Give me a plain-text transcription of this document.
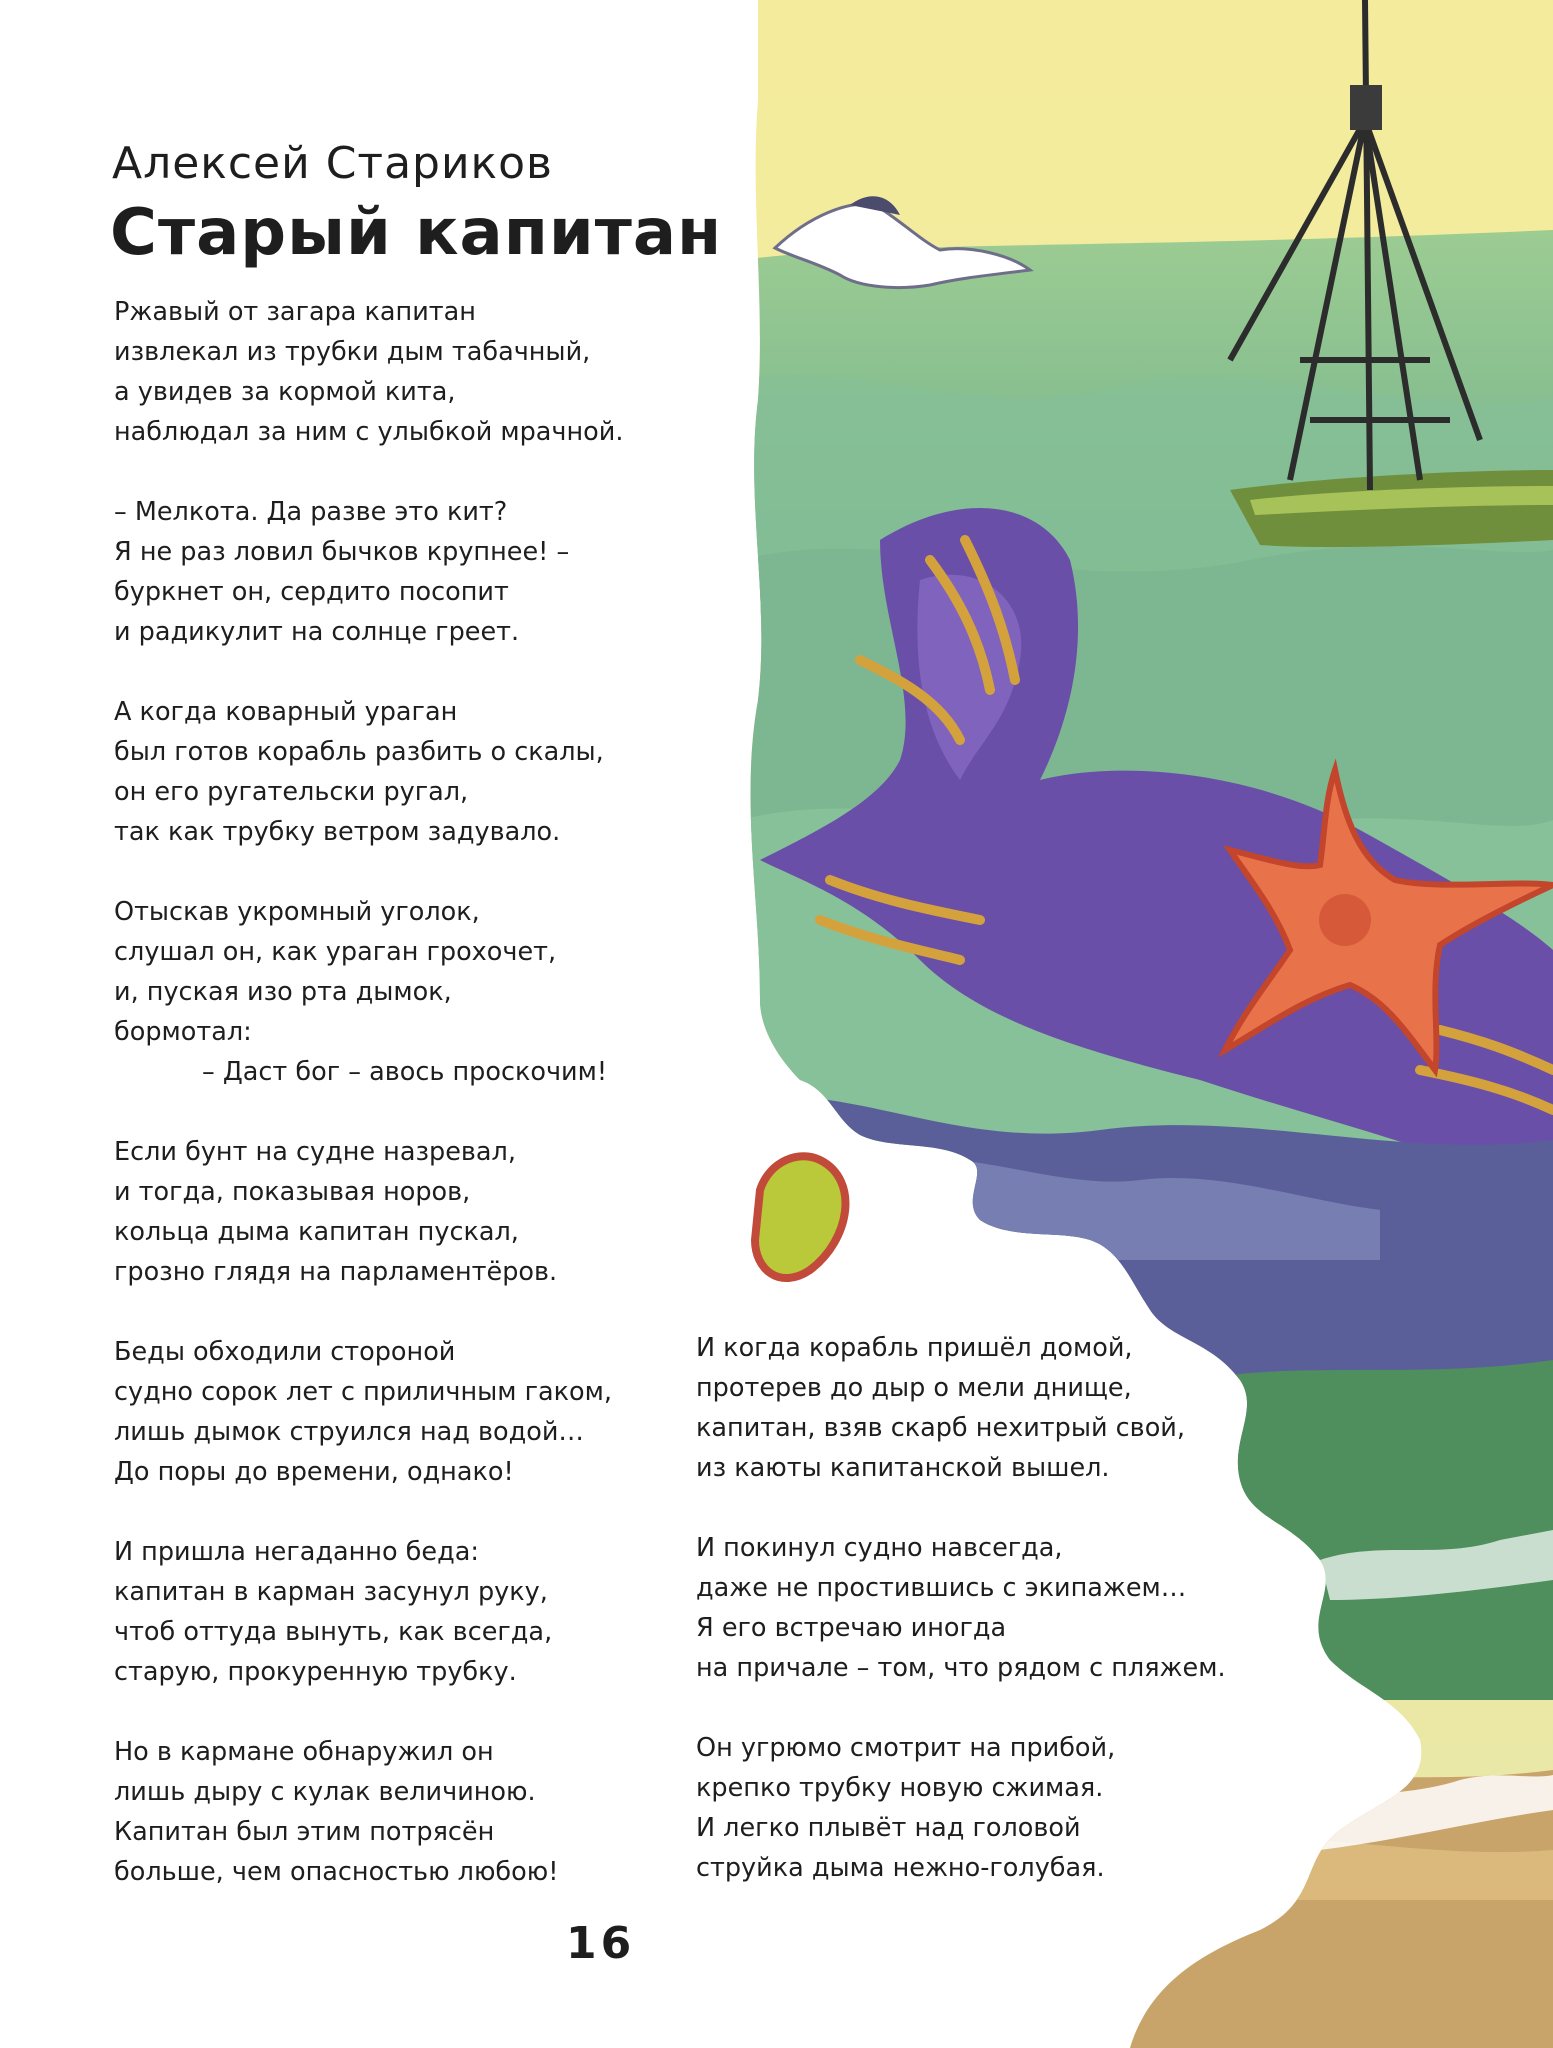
Алексей Стариков
Старый капитан
Ржавый от загара капитан
извлекал из трубки дым табачный,
а увидев за кормой кита,
наблюдал за ним с улыбкой мрачной.
– Мелкота. Да разве это кит?
Я не раз ловил бычков крупнее! –
буркнет он, сердито посопит
и радикулит на солнце греет.
А когда коварный ураган
был готов корабль разбить о скалы,
он его ругательски ругал,
так как трубку ветром задувало.
Отыскав укромный уголок,
слушал он, как ураган грохочет,
и, пуская изо рта дымок,
бормотал:
– Даст бог – авось проскочим!
Если бунт на судне назревал,
и тогда, показывая норов,
кольца дыма капитан пускал,
грозно глядя на парламентёров.
Беды обходили стороной
судно сорок лет с приличным гаком,
лишь дымок струился над водой…
До поры до времени, однако!
И пришла негаданно беда:
капитан в карман засунул руку,
чтоб оттуда вынуть, как всегда,
старую, прокуренную трубку.
Но в кармане обнаружил он
лишь дыру с кулак величиною.
Капитан был этим потрясён
больше, чем опасностью любою!
И когда корабль пришёл домой,
протерев до дыр о мели днище,
капитан, взяв скарб нехитрый свой,
из каюты капитанской вышел.
И покинул судно навсегда,
даже не простившись с экипажем…
Я его встречаю иногда
на причале – том, что рядом с пляжем.
Он угрюмо смотрит на прибой,
крепко трубку новую сжимая.
И легко плывёт над головой
струйка дыма нежно-голубая.
16
